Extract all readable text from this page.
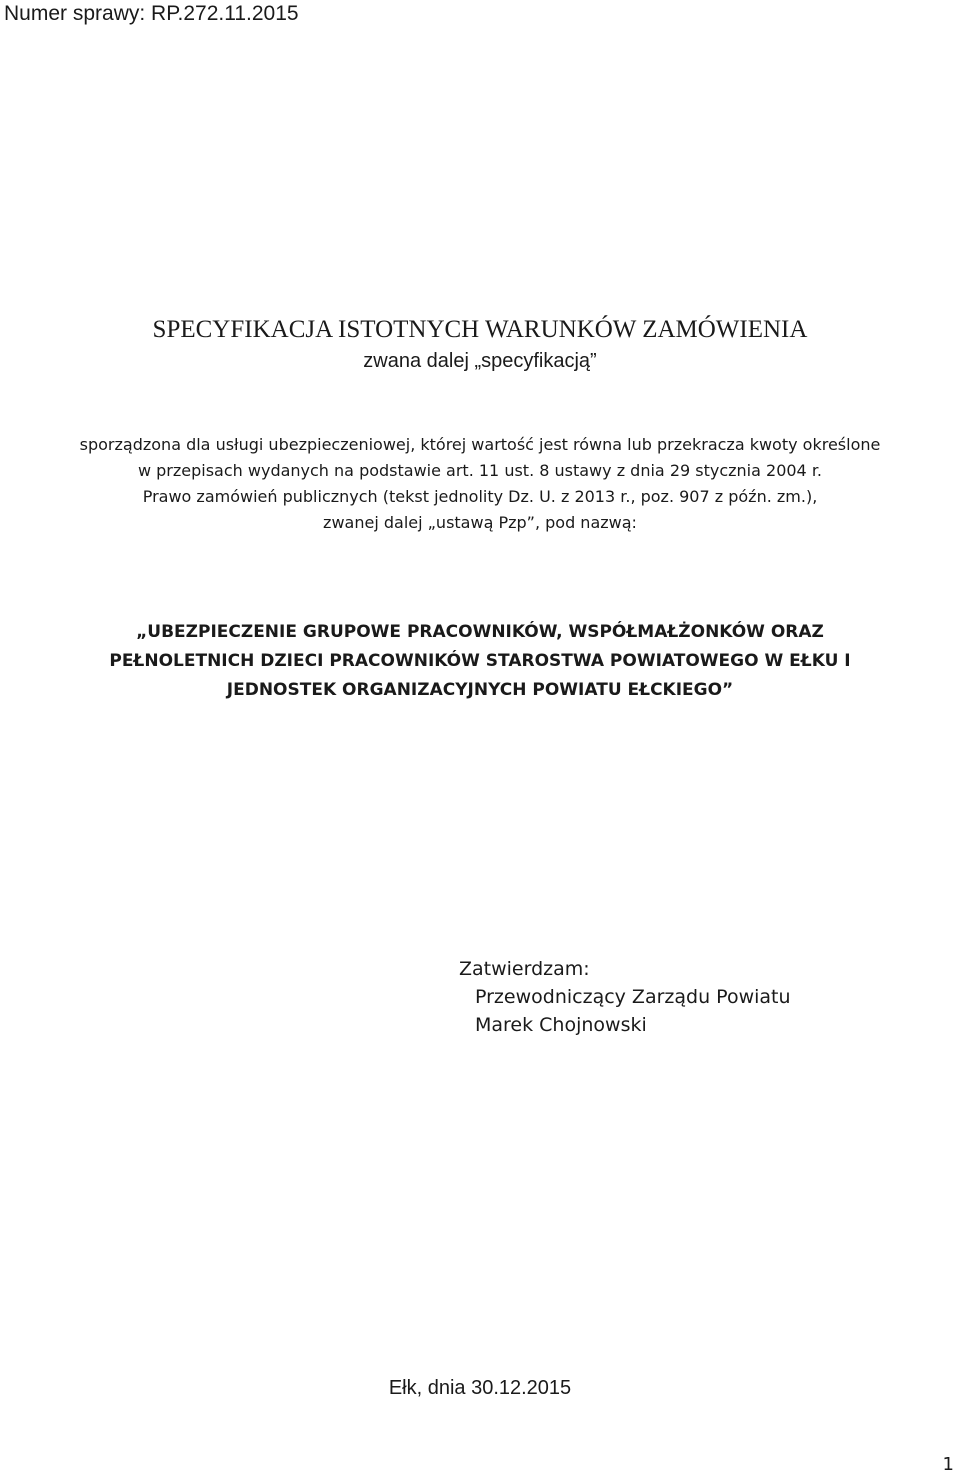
Numer sprawy: RP.272.11.2015
SPECYFIKACJA ISTOTNYCH WARUNKÓW ZAMÓWIENIA
zwana dalej „specyfikacją”
sporządzona dla usługi ubezpieczeniowej, której wartość jest równa lub przekracza kwoty określone
w przepisach wydanych na podstawie art. 11 ust. 8 ustawy z dnia 29 stycznia 2004 r.
Prawo zamówień publicznych (tekst jednolity Dz. U. z 2013 r., poz. 907 z późn. zm.),
zwanej dalej „ustawą Pzp”, pod nazwą:
„UBEZPIECZENIE GRUPOWE PRACOWNIKÓW, WSPÓŁMAŁŻONKÓW ORAZ
PEŁNOLETNICH DZIECI PRACOWNIKÓW STAROSTWA POWIATOWEGO W EŁKU I
JEDNOSTEK ORGANIZACYJNYCH POWIATU EŁCKIEGO”
Zatwierdzam:
Przewodniczący Zarządu Powiatu
Marek Chojnowski
Ełk, dnia 30.12.2015
1
